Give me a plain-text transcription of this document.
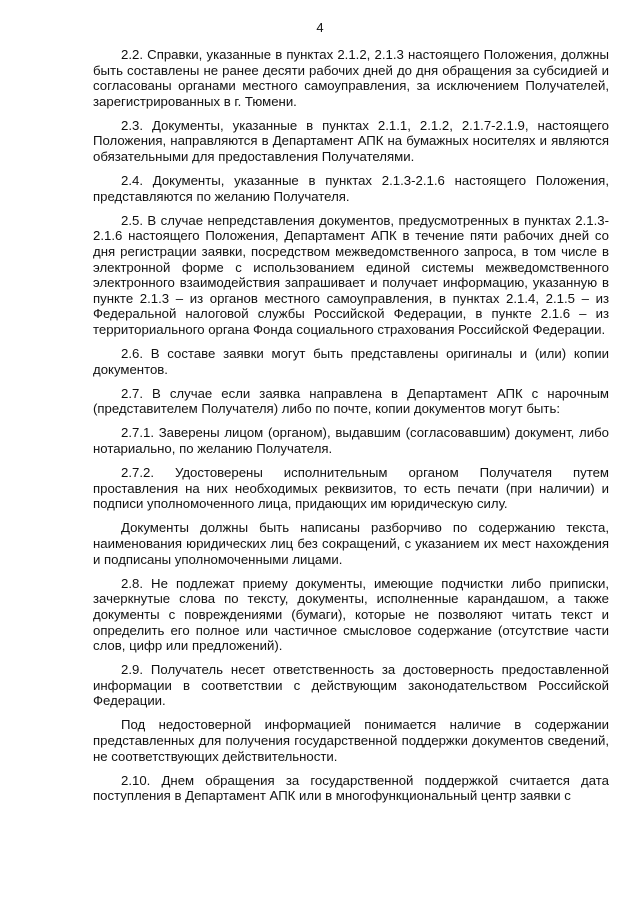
4

2.2. Справки, указанные в пунктах 2.1.2, 2.1.3 настоящего Положения, должны быть составлены не ранее десяти рабочих дней до дня обращения за субсидией и согласованы органами местного самоуправления, за исключением Получателей, зарегистрированных в г. Тюмени.

2.3. Документы, указанные в пунктах 2.1.1, 2.1.2, 2.1.7-2.1.9, настоящего Положения, направляются в Департамент АПК на бумажных носителях и являются обязательными для предоставления Получателями.

2.4. Документы, указанные в пунктах 2.1.3-2.1.6 настоящего Положения, представляются по желанию Получателя.

2.5. В случае непредставления документов, предусмотренных в пунктах 2.1.3-2.1.6 настоящего Положения, Департамент АПК в течение пяти рабочих дней со дня регистрации заявки, посредством межведомственного запроса, в том числе в электронной форме с использованием единой системы межведомственного электронного взаимодействия запрашивает и получает информацию, указанную в пункте 2.1.3 – из органов местного самоуправления, в пунктах 2.1.4, 2.1.5 – из Федеральной налоговой службы Российской Федерации, в пункте 2.1.6 – из территориального органа Фонда социального страхования Российской Федерации.

2.6. В составе заявки могут быть представлены оригиналы и (или) копии документов.

2.7. В случае если заявка направлена в Департамент АПК с нарочным (представителем Получателя) либо по почте, копии документов могут быть:

2.7.1. Заверены лицом (органом), выдавшим (согласовавшим) документ, либо нотариально, по желанию Получателя.

2.7.2. Удостоверены исполнительным органом Получателя путем проставления на них необходимых реквизитов, то есть печати (при наличии) и подписи уполномоченного лица, придающих им юридическую силу.

Документы должны быть написаны разборчиво по содержанию текста, наименования юридических лиц без сокращений, с указанием их мест нахождения и подписаны уполномоченными лицами.

2.8. Не подлежат приему документы, имеющие подчистки либо приписки, зачеркнутые слова по тексту, документы, исполненные карандашом, а также документы с повреждениями (бумаги), которые не позволяют читать текст и определить его полное или частичное смысловое содержание (отсутствие части слов, цифр или предложений).

2.9. Получатель несет ответственность за достоверность предоставленной информации в соответствии с действующим законодательством Российской Федерации.

Под недостоверной информацией понимается наличие в содержании представленных для получения государственной поддержки документов сведений, не соответствующих действительности.

2.10. Днем обращения за государственной поддержкой считается дата поступления в Департамент АПК или в многофункциональный центр заявки с
